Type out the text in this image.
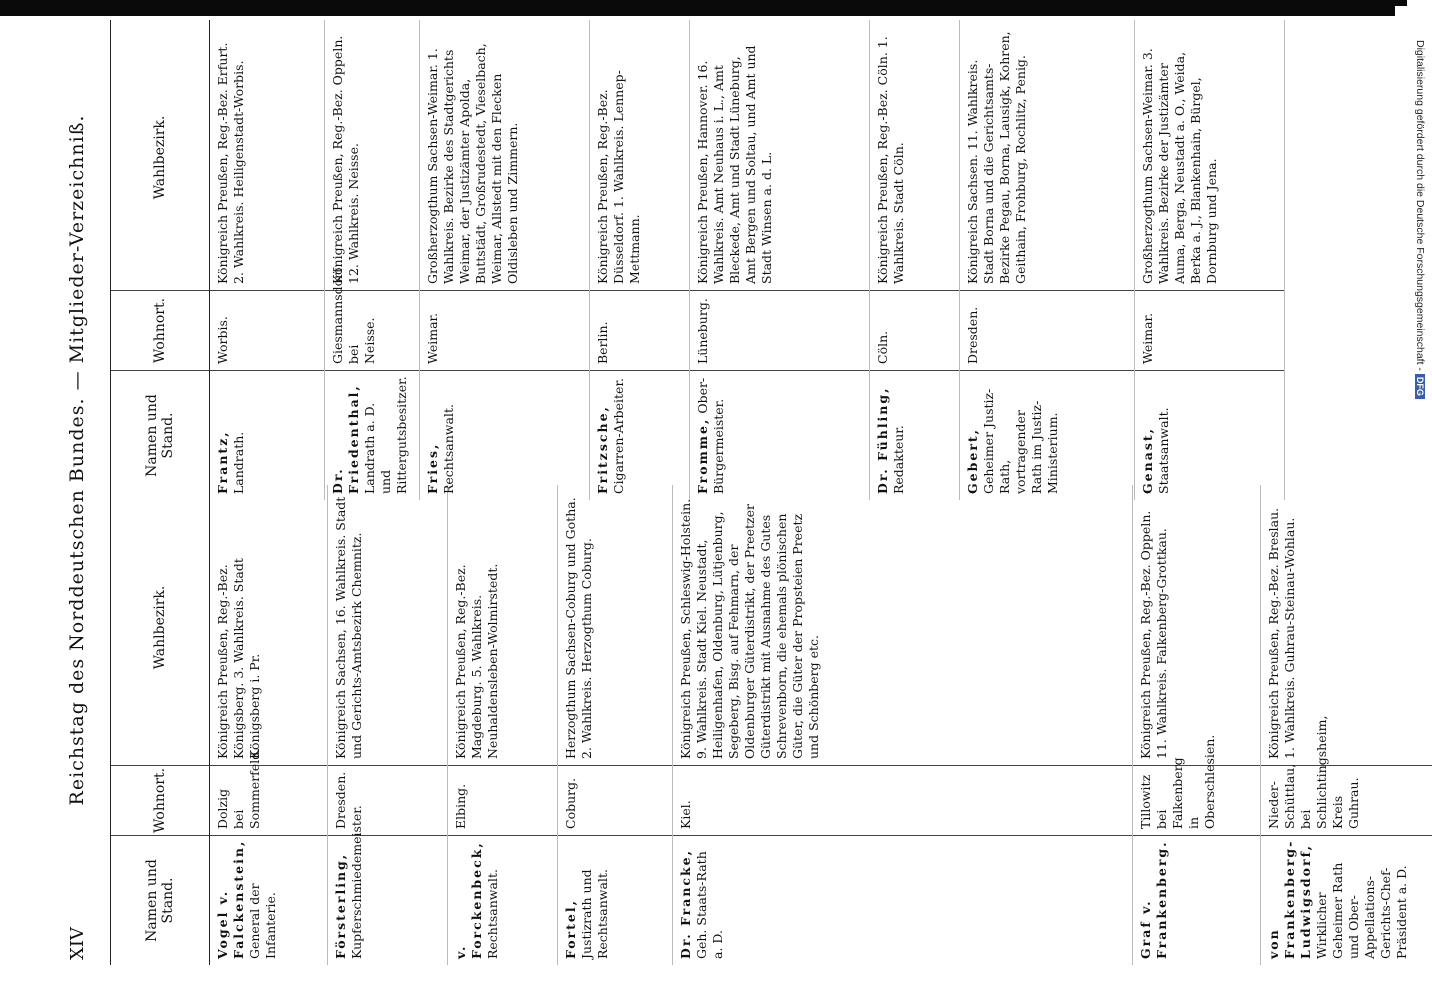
XIV
Reichstag des Norddeutschen Bundes. — Mitglieder-Verzeichniß.
Namen und Stand.
Wohnort.
Wahlbezirk.
Vogel v. Falckenstein, General der Infanterie.
Dolzig bei Sommerfeld.
Königreich Preußen, Reg.-Bez. Königsberg. 3. Wahlkreis. Stadt Königsberg i. Pr.
Försterling, Kupferschmiedemeister.
Dresden.
Königreich Sachsen, 16. Wahlkreis. Stadt und Gerichts-Amtsbezirk Chemnitz.
v. Forckenbeck, Rechtsanwalt.
Elbing.
Königreich Preußen, Reg.-Bez. Magdeburg. 5. Wahlkreis. Neuhaldensleben-Wolmirstedt.
Fortel, Justizrath und Rechtsanwalt.
Coburg.
Herzogthum Sachsen-Coburg und Gotha. 2. Wahlkreis. Herzogthum Coburg.
Dr. Francke, Geh. Staats-Rath a. D.
Kiel.
Königreich Preußen, Schleswig-Holstein. 9. Wahlkreis. Stadt Kiel. Neustadt, Heiligenhafen, Oldenburg, Lütjenburg, Segeberg, Bisg. auf Fehmarn, der Oldenburger Güterdistrikt, der Preetzer Güterdistrikt mit Ausnahme des Gutes Schrevenborn, die ehemals plönischen Güter, die Güter der Propsteien Preetz und Schönberg etc.
Graf v. Frankenberg.
Tillowitz bei Falkenberg in Oberschlesien.
Königreich Preußen, Reg.-Bez. Oppeln. 11. Wahlkreis. Falkenberg-Grottkau.
von Frankenberg-Ludwigsdorf, Wirklicher Geheimer Rath und Ober-Appellations-Gerichts-Chef-Präsident a. D.
Nieder-Schüttlau, bei Schlichtingsheim, Kreis Guhrau.
Königreich Preußen, Reg.-Bez. Breslau. 1. Wahlkreis. Guhrau-Steinau-Wohlau.
Namen und Stand.
Wohnort.
Wahlbezirk.
Frantz, Landrath.
Worbis.
Königreich Preußen, Reg.-Bez. Erfurt. 2. Wahlkreis. Heiligenstadt-Worbis.
Dr. Friedenthal, Landrath a. D. und Rittergutsbesitzer.
Giesmannsdorf bei Neisse.
Königreich Preußen, Reg.-Bez. Oppeln. 12. Wahlkreis. Neisse.
Fries, Rechtsanwalt.
Weimar.
Großherzogthum Sachsen-Weimar. 1. Wahlkreis. Bezirke des Stadtgerichts Weimar, der Justizämter Apolda, Buttstädt, Großrudestedt, Vieselbach, Weimar, Allstedt mit den Flecken Oldisleben und Zimmern.
Fritzsche, Cigarren-Arbeiter.
Berlin.
Königreich Preußen, Reg.-Bez. Düsseldorf. 1. Wahlkreis. Lennep-Mettmann.
Fromme, Ober-Bürgermeister.
Lüneburg.
Königreich Preußen, Hannover. 16. Wahlkreis. Amt Neuhaus i. L., Amt Bleckede, Amt und Stadt Lüneburg, Amt Bergen und Soltau, und Amt und Stadt Winsen a. d. L.
Dr. Fühling, Redakteur.
Cöln.
Königreich Preußen, Reg.-Bez. Cöln. 1. Wahlkreis. Stadt Cöln.
Gebert, Geheimer Justiz-Rath, vortragender Rath im Justiz-Ministerium.
Dresden.
Königreich Sachsen. 11. Wahlkreis. Stadt Borna und die Gerichtsamts-Bezirke Pegau, Borna, Lausigk, Kohren, Geithain, Frohburg, Rochlitz, Penig.
Genast, Staatsanwalt.
Weimar.
Großherzogthum Sachsen-Weimar. 3. Wahlkreis. Bezirke der Justizämter Auma, Berga, Neustadt a. O., Weida, Berka a. J., Blankenhain, Bürgel, Dornburg und Jena.	Digitalisierung gefördert durch die Deutsche Forschungsgemeinschaft -
DFG
